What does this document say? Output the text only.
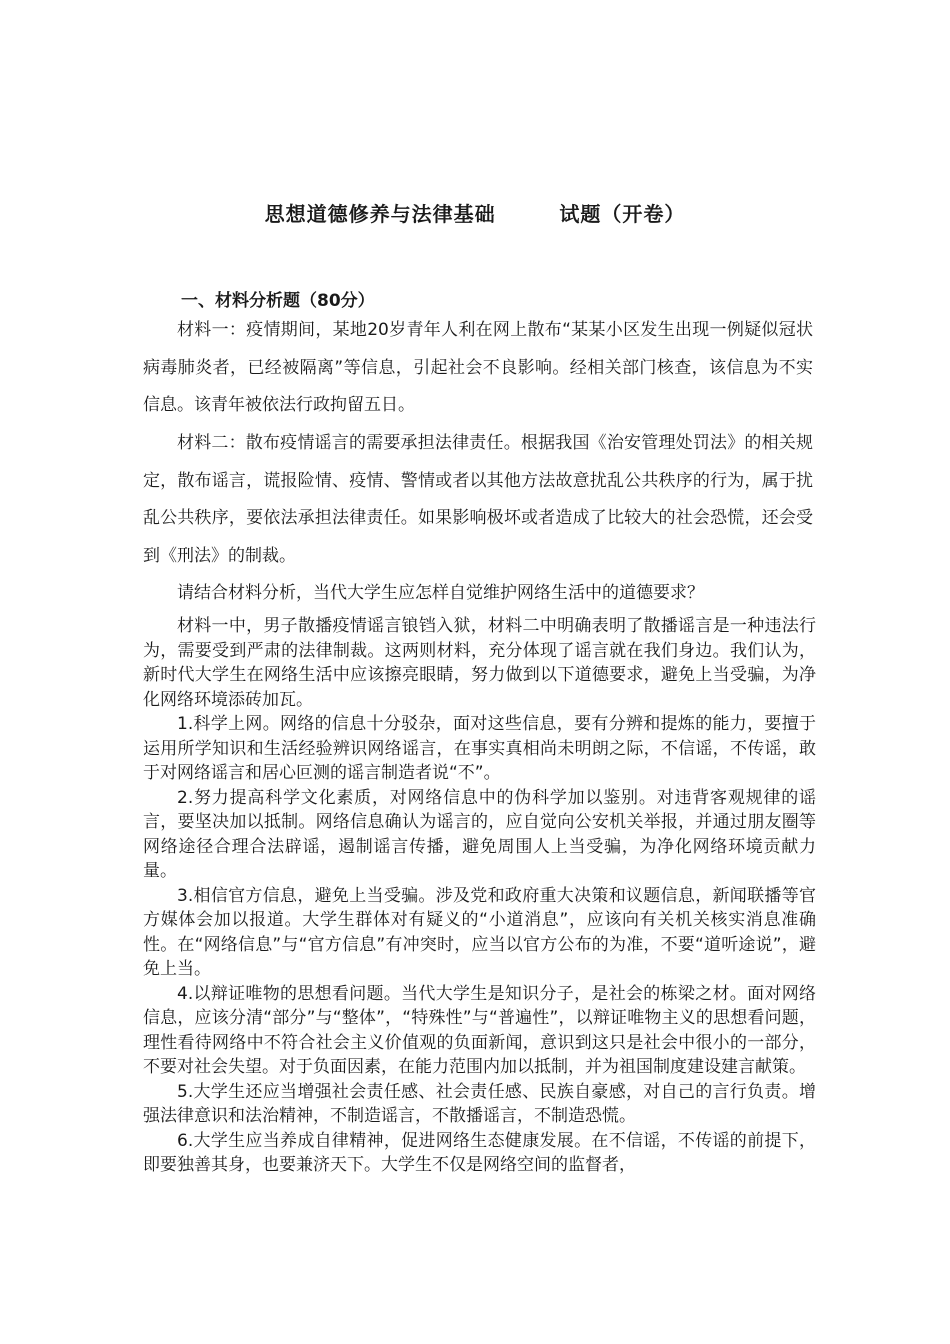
思想道德修养与法律基础        试题（开卷）
一、材料分析题（80分）

材料一：疫情期间，某地20岁青年人利在网上散布“某某小区发生出现一例疑似冠状病毒肺炎者，已经被隔离”等信息，引起社会不良影响。经相关部门核查，该信息为不实信息。该青年被依法行政拘留五日。

材料二：散布疫情谣言的需要承担法律责任。根据我国《治安管理处罚法》的相关规定，散布谣言，谎报险情、疫情、警情或者以其他方法故意扰乱公共秩序的行为，属于扰乱公共秩序，要依法承担法律责任。如果影响极坏或者造成了比较大的社会恐慌，还会受到《刑法》的制裁。

请结合材料分析，当代大学生应怎样自觉维护网络生活中的道德要求？

材料一中，男子散播疫情谣言锒铛入狱，材料二中明确表明了散播谣言是一种违法行为，需要受到严肃的法律制裁。这两则材料，充分体现了谣言就在我们身边。我们认为，新时代大学生在网络生活中应该擦亮眼睛，努力做到以下道德要求，避免上当受骗，为净化网络环境添砖加瓦。

1.科学上网。网络的信息十分驳杂，面对这些信息，要有分辨和提炼的能力，要擅于运用所学知识和生活经验辨识网络谣言，在事实真相尚未明朗之际，不信谣，不传谣，敢于对网络谣言和居心叵测的谣言制造者说“不”。

2.努力提高科学文化素质，对网络信息中的伪科学加以鉴别。对违背客观规律的谣言，要坚决加以抵制。网络信息确认为谣言的，应自觉向公安机关举报，并通过朋友圈等网络途径合理合法辟谣，遏制谣言传播，避免周围人上当受骗，为净化网络环境贡献力量。

3.相信官方信息，避免上当受骗。涉及党和政府重大决策和议题信息，新闻联播等官方媒体会加以报道。大学生群体对有疑义的“小道消息”，应该向有关机关核实消息准确性。在“网络信息”与“官方信息”有冲突时，应当以官方公布的为准，不要“道听途说”，避免上当。

4.以辩证唯物的思想看问题。当代大学生是知识分子，是社会的栋梁之材。面对网络信息，应该分清“部分”与“整体”，“特殊性”与“普遍性”，以辩证唯物主义的思想看问题，理性看待网络中不符合社会主义价值观的负面新闻，意识到这只是社会中很小的一部分，不要对社会失望。对于负面因素，在能力范围内加以抵制，并为祖国制度建设建言献策。

5.大学生还应当增强社会责任感、社会责任感、民族自豪感，对自己的言行负责。增强法律意识和法治精神，不制造谣言，不散播谣言，不制造恐慌。

6.大学生应当养成自律精神，促进网络生态健康发展。在不信谣，不传谣的前提下，即要独善其身，也要兼济天下。大学生不仅是网络空间的监督者，
